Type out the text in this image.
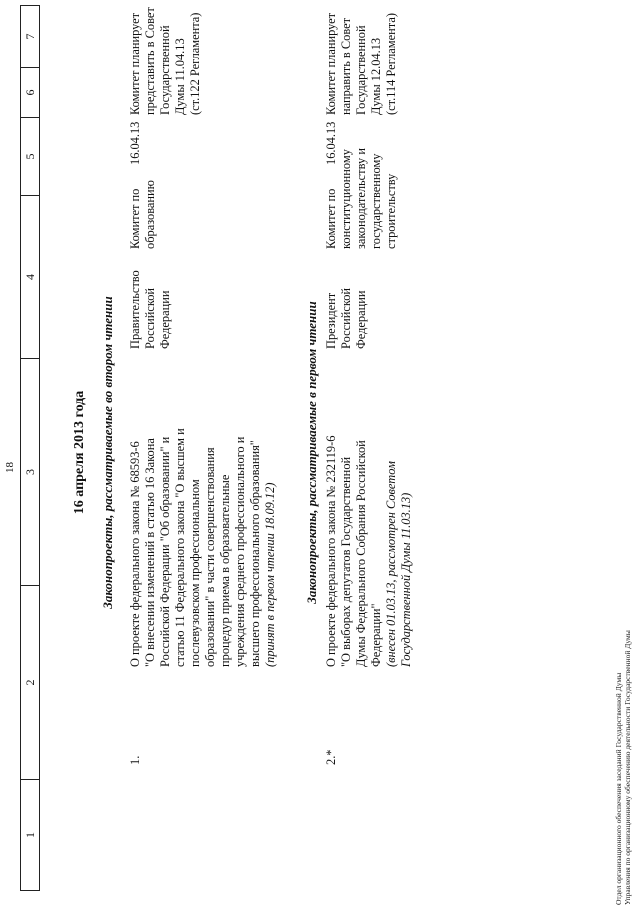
18
1
2
3
4
5
6
7
16 апреля 2013 года Законопроекты, рассматриваемые во втором чтении
1.
О проекте федерального закона № 68593-6 "О внесении изменений в статью 16 Закона Российской Федерации "Об образовании" и статью 11 Федерального закона "О высшем и послевузовском профессиональном образовании" в части совершенствования процедур приема в образовательные учреждения среднего профессионального и высшего профессионального образования" (принят в первом чтении 18.09.12)
Правительство Российской Федерации
Комитет по образованию
16.04.13
Комитет планирует представить в Совет Государственной Думы 11.04.13 (ст.122 Регламента)
Законопроекты, рассматриваемые в первом чтении
2.*
О проекте федерального закона № 232119-6 "О выборах депутатов Государственной Думы Федерального Собрания Российской Федерации" (внесен 01.03.13, рассмотрен Советом Государственной Думы 11.03.13)
Президент Российской Федерации
Комитет по конституционному законодательству и государственному строительству
16.04.13
Комитет планирует направить в Совет Государственной Думы 12.04.13 (ст.114 Регламента)
Отдел организационного обеспечения заседаний Государственной Думы Управления по организационному обеспечению деятельности Государственной Думы
